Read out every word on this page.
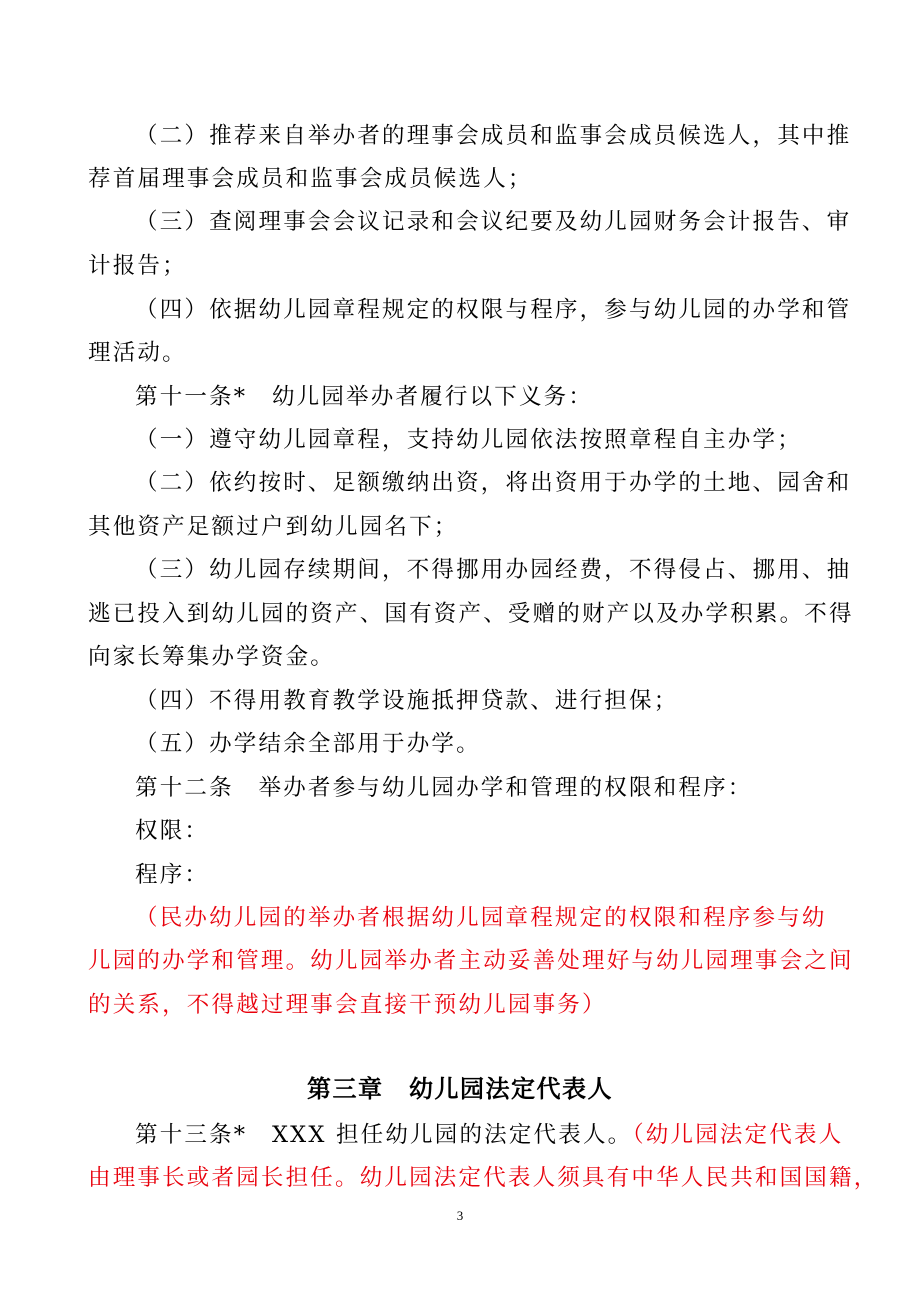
（二）推荐来自举办者的理事会成员和监事会成员候选人，其中推
荐首届理事会成员和监事会成员候选人；
（三）查阅理事会会议记录和会议纪要及幼儿园财务会计报告、审
计报告；
（四）依据幼儿园章程规定的权限与程序，参与幼儿园的办学和管
理活动。
第十一条*　幼儿园举办者履行以下义务：
（一）遵守幼儿园章程，支持幼儿园依法按照章程自主办学；
（二）依约按时、足额缴纳出资，将出资用于办学的土地、园舍和
其他资产足额过户到幼儿园名下；
（三）幼儿园存续期间，不得挪用办园经费，不得侵占、挪用、抽
逃已投入到幼儿园的资产、国有资产、受赠的财产以及办学积累。不得
向家长筹集办学资金。
（四）不得用教育教学设施抵押贷款、进行担保；
（五）办学结余全部用于办学。
第十二条　举办者参与幼儿园办学和管理的权限和程序：
权限：
程序：
（民办幼儿园的举办者根据幼儿园章程规定的权限和程序参与幼
儿园的办学和管理。幼儿园举办者主动妥善处理好与幼儿园理事会之间
的关系，不得越过理事会直接干预幼儿园事务）
第三章　幼儿园法定代表人
第十三条*　XXX 担任幼儿园的法定代表人。（幼儿园法定代表人
由理事长或者园长担任。幼儿园法定代表人须具有中华人民共和国国籍，
3
